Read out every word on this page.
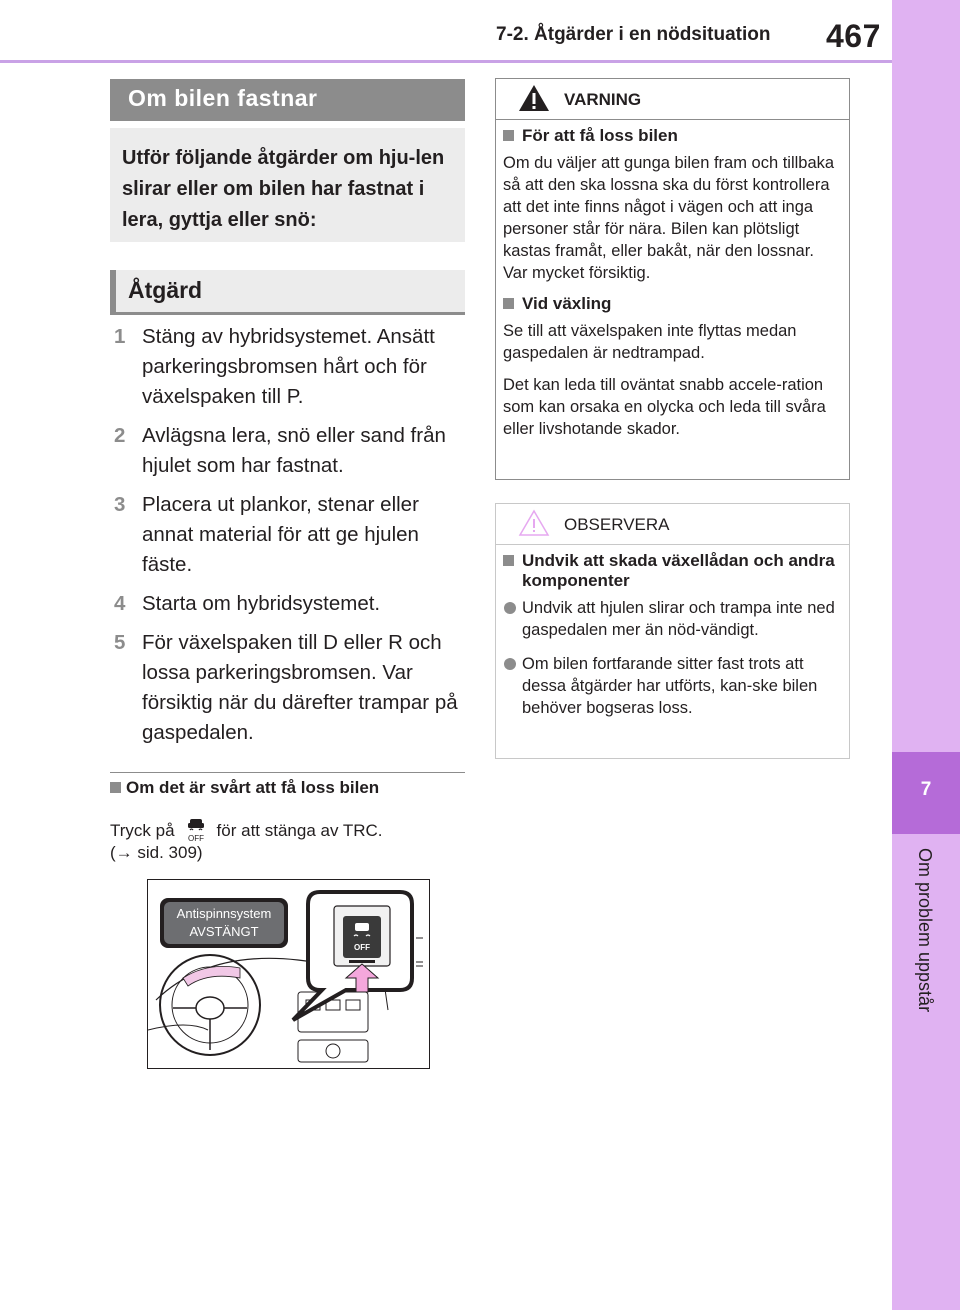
7-2. Åtgärder i en nödsituation 467
7
Om problem uppstår
Om bilen fastnar

Utför följande åtgärder om hju-len slirar eller om bilen har fastnat i lera, gyttja eller snö:

Åtgärd
1 Stäng av hybridsystemet. Ansätt parkeringsbromsen hårt och för växelspaken till P.
2 Avlägsna lera, snö eller sand från hjulet som har fastnat.
3 Placera ut plankor, stenar eller annat material för att ge hjulen fäste.
4 Starta om hybridsystemet.
5 För växelspaken till D eller R och lossa parkeringsbromsen. Var försiktig när du därefter trampar på gaspedalen.
Om det är svårt att få loss bilen
Tryck på OFF för att stänga av TRC.
(→ sid. 309)
Antispinnsystem
AVSTÄNGT
OFF
VARNING

För att få loss bilen

Om du väljer att gunga bilen fram och tillbaka så att den ska lossna ska du först kontrollera att det inte finns något i vägen och att inga personer står för nära. Bilen kan plötsligt kastas framåt, eller bakåt, när den lossnar. Var mycket försiktig.

Vid växling

Se till att växelspaken inte flyttas medan gaspedalen är nedtrampad.

Det kan leda till oväntat snabb accele-ration som kan orsaka en olycka och leda till svåra eller livshotande skador.

OBSERVERA

Undvik att skada växellådan och andra komponenter

Undvik att hjulen slirar och trampa inte ned gaspedalen mer än nöd-vändigt.

Om bilen fortfarande sitter fast trots att dessa åtgärder har utförts, kan-ske bilen behöver bogseras loss.
